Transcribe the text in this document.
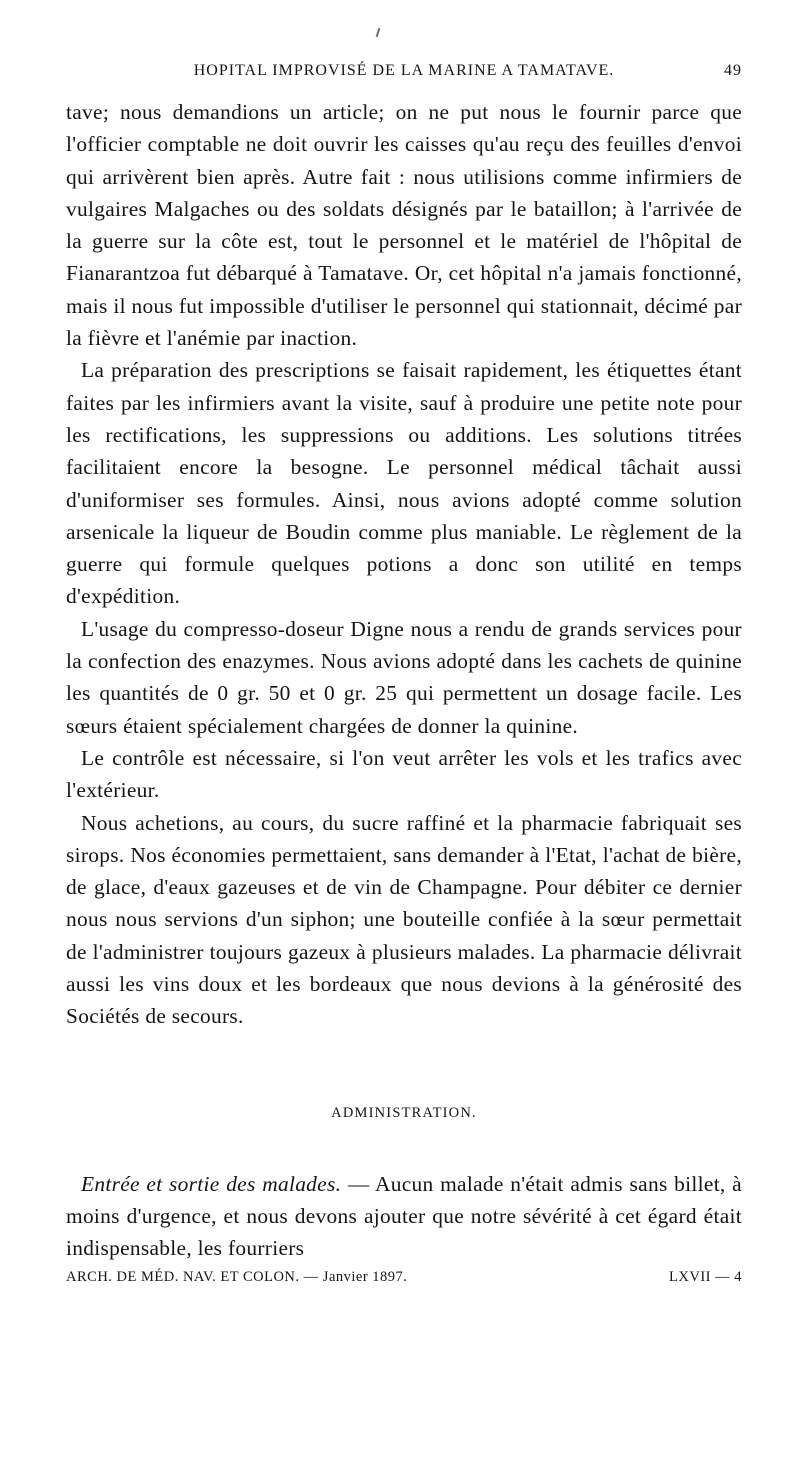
HOPITAL IMPROVISÉ DE LA MARINE A TAMATAVE.	49

tave; nous demandions un article; on ne put nous le fournir parce que l'officier comptable ne doit ouvrir les caisses qu'au reçu des feuilles d'envoi qui arrivèrent bien après. Autre fait : nous utilisions comme infirmiers de vulgaires Malgaches ou des soldats désignés par le bataillon; à l'arrivée de la guerre sur la côte est, tout le personnel et le matériel de l'hôpital de Fianarantzoa fut débarqué à Tamatave. Or, cet hôpital n'a jamais fonctionné, mais il nous fut impossible d'utiliser le personnel qui stationnait, décimé par la fièvre et l'anémie par inaction.

La préparation des prescriptions se faisait rapidement, les étiquettes étant faites par les infirmiers avant la visite, sauf à produire une petite note pour les rectifications, les suppressions ou additions. Les solutions titrées facilitaient encore la besogne. Le personnel médical tâchait aussi d'uniformiser ses formules. Ainsi, nous avions adopté comme solution arsenicale la liqueur de Boudin comme plus maniable. Le règlement de la guerre qui formule quelques potions a donc son utilité en temps d'expédition.

L'usage du compresso-doseur Digne nous a rendu de grands services pour la confection des enazymes. Nous avions adopté dans les cachets de quinine les quantités de 0 gr. 50 et 0 gr. 25 qui permettent un dosage facile. Les sœurs étaient spécialement chargées de donner la quinine.

Le contrôle est nécessaire, si l'on veut arrêter les vols et les trafics avec l'extérieur.

Nous achetions, au cours, du sucre raffiné et la pharmacie fabriquait ses sirops. Nos économies permettaient, sans demander à l'Etat, l'achat de bière, de glace, d'eaux gazeuses et de vin de Champagne. Pour débiter ce dernier nous nous servions d'un siphon; une bouteille confiée à la sœur permettait de l'administrer toujours gazeux à plusieurs malades. La pharmacie délivrait aussi les vins doux et les bordeaux que nous devions à la générosité des Sociétés de secours.

ADMINISTRATION.

Entrée et sortie des malades. — Aucun malade n'était admis sans billet, à moins d'urgence, et nous devons ajouter que notre sévérité à cet égard était indispensable, les fourriers

ARCH. DE MÉD. NAV. ET COLON. — Janvier 1897.	LXVII — 4
